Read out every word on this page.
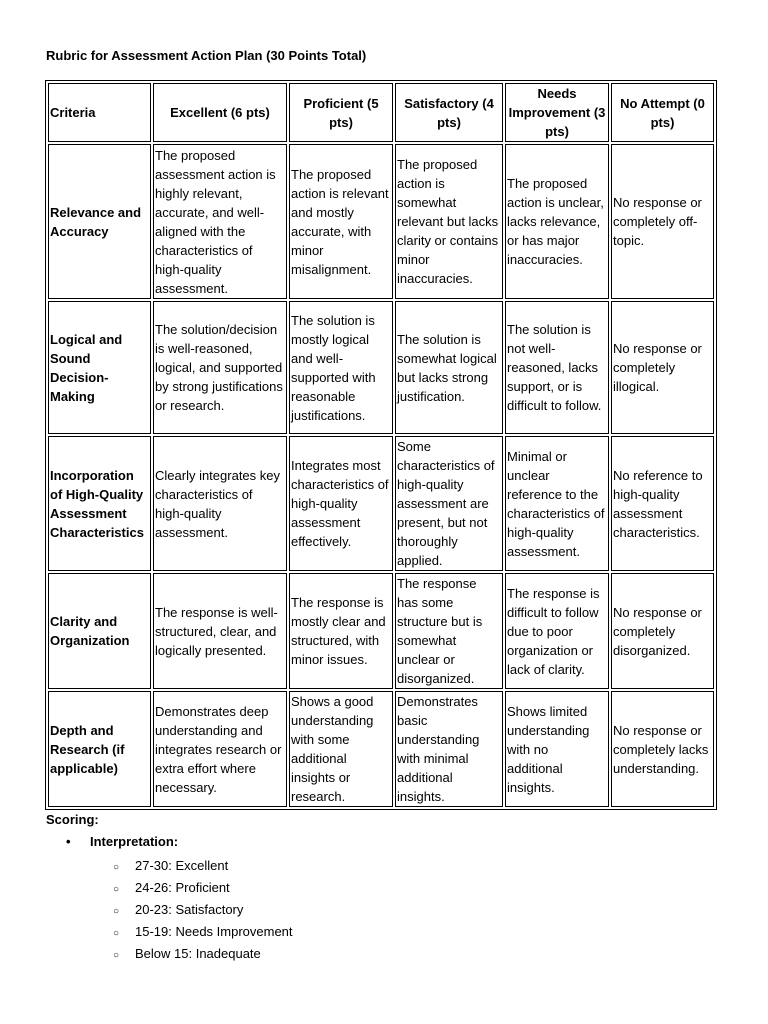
Rubric for Assessment Action Plan (30 Points Total)
Criteria	Excellent (6 pts)	Proficient (5 pts)	Satisfactory (4 pts)	Needs Improvement (3 pts)	No Attempt (0 pts)
Relevance and Accuracy	The proposed assessment action is highly relevant, accurate, and well-aligned with the characteristics of high-quality assessment.	The proposed action is relevant and mostly accurate, with minor misalignment.	The proposed action is somewhat relevant but lacks clarity or contains minor inaccuracies.	The proposed action is unclear, lacks relevance, or has major inaccuracies.	No response or completely off-topic.
Logical and Sound Decision-Making	The solution/decision is well-reasoned, logical, and supported by strong justifications or research.	The solution is mostly logical and well-supported with reasonable justifications.	The solution is somewhat logical but lacks strong justification.	The solution is not well-reasoned, lacks support, or is difficult to follow.	No response or completely illogical.
Incorporation of High-Quality Assessment Characteristics	Clearly integrates key characteristics of high-quality assessment.	Integrates most characteristics of high-quality assessment effectively.	Some characteristics of high-quality assessment are present, but not thoroughly applied.	Minimal or unclear reference to the characteristics of high-quality assessment.	No reference to high-quality assessment characteristics.
Clarity and Organization	The response is well-structured, clear, and logically presented.	The response is mostly clear and structured, with minor issues.	The response has some structure but is somewhat unclear or disorganized.	The response is difficult to follow due to poor organization or lack of clarity.	No response or completely disorganized.
Depth and Research (if applicable)	Demonstrates deep understanding and integrates research or extra effort where necessary.	Shows a good understanding with some additional insights or research.	Demonstrates basic understanding with minimal additional insights.	Shows limited understanding with no additional insights.	No response or completely lacks understanding.
Scoring:
• Interpretation:
○ 27-30: Excellent
○ 24-26: Proficient
○ 20-23: Satisfactory
○ 15-19: Needs Improvement
○ Below 15: Inadequate
